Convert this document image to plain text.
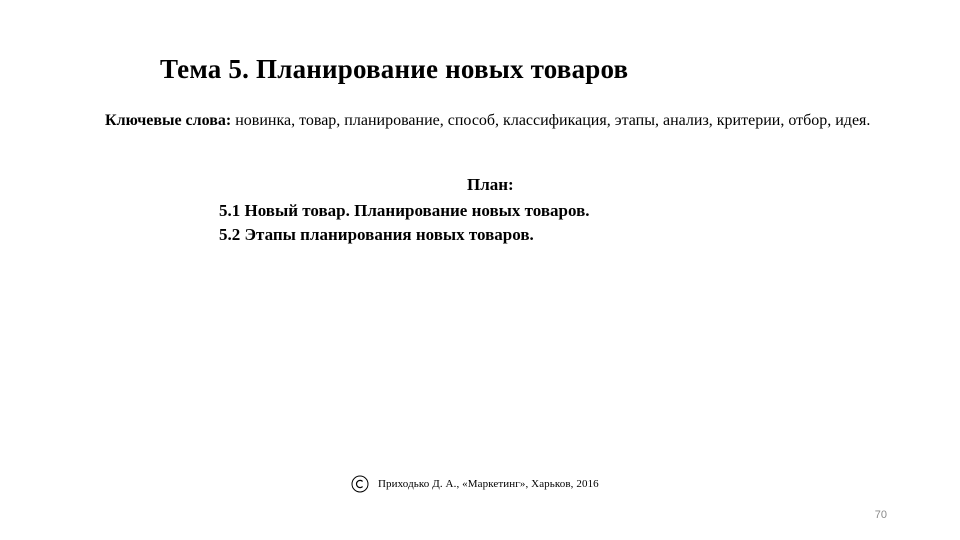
Тема 5. Планирование новых товаров
Ключевые слова: новинка, товар, планирование, способ, классификация, этапы, анализ, критерии, отбор, идея.
План:
5.1 Новый товар. Планирование новых товаров.
5.2 Этапы планирования новых товаров.
Приходько Д. А., «Маркетинг», Харьков, 2016
70
